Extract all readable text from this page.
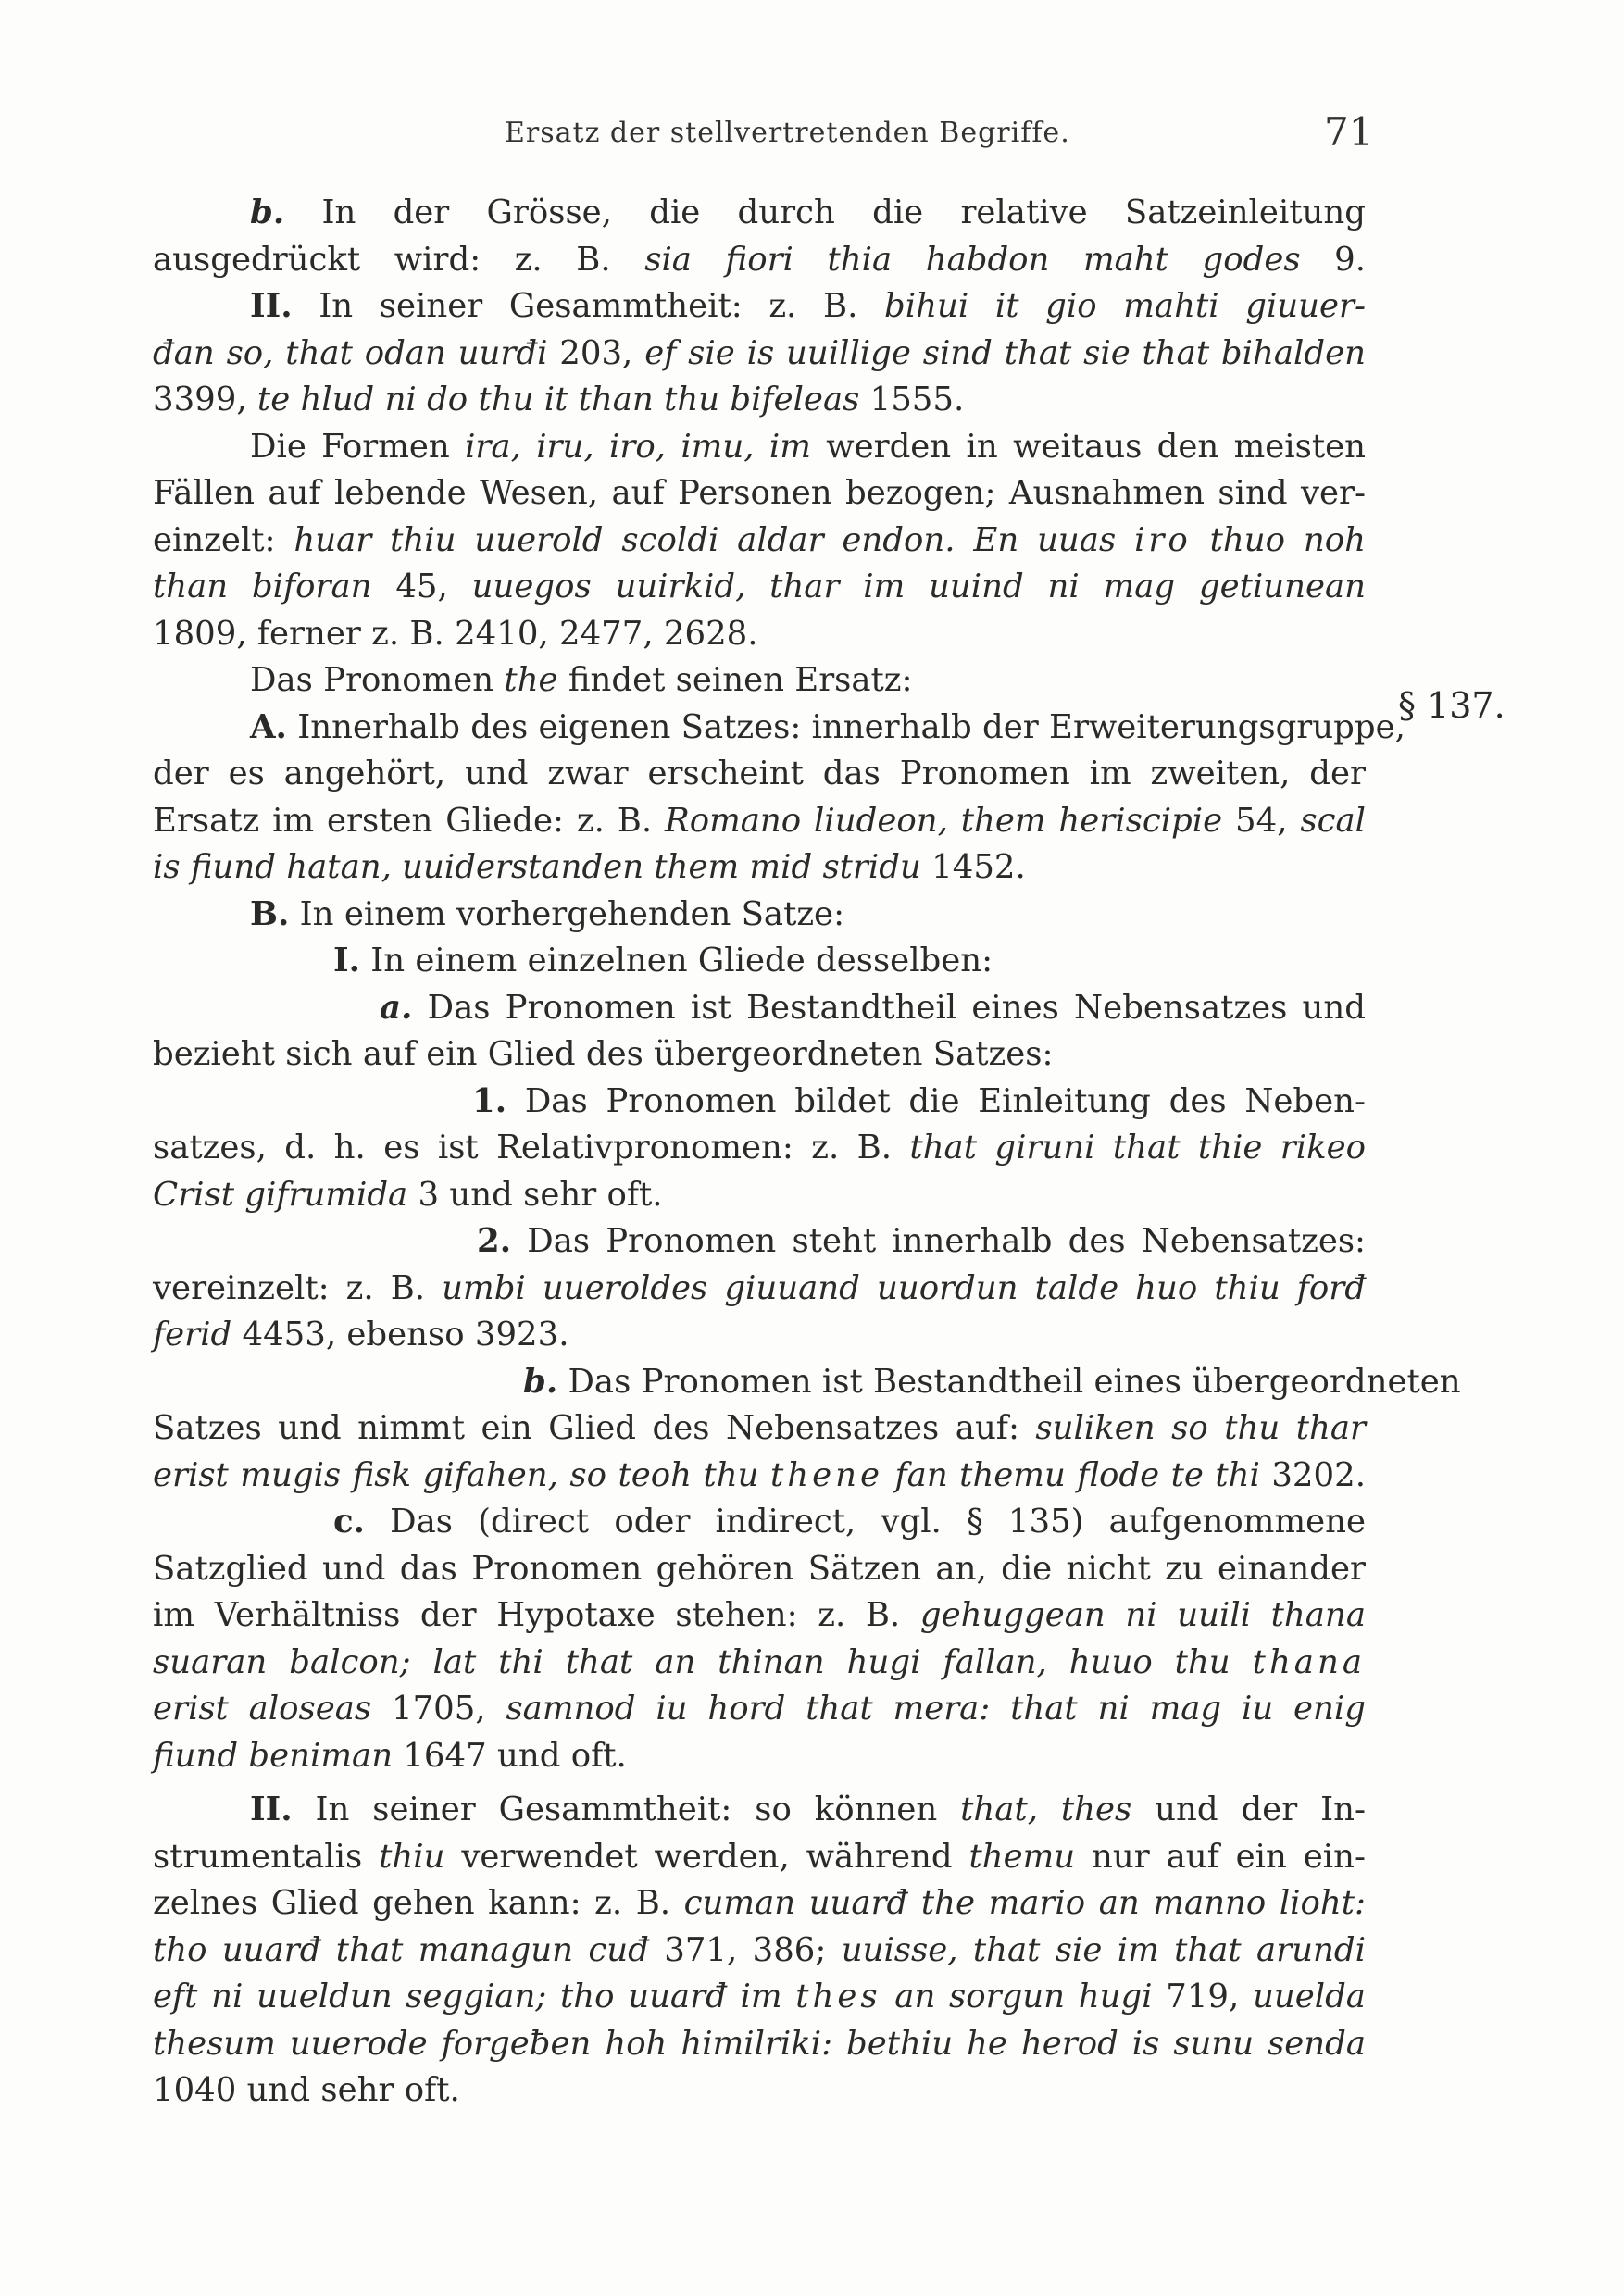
Ersatz der stellvertretenden Begriffe.	71
§ 137.
b. In der Grösse, die durch die relative Satzeinleitung
ausgedrückt wird: z. B. sia fiori thia habdon maht godes 9.
II. In seiner Gesammtheit: z. B. bihui it gio mahti giuuer-
đan so, that odan uurđi 203, ef sie is uuillige sind that sie that bihalden
3399, te hlud ni do thu it than thu bifeleas 1555.
Die Formen ira, iru, iro, imu, im werden in weitaus den meisten
Fällen auf lebende Wesen, auf Personen bezogen; Ausnahmen sind ver-
einzelt: huar thiu uuerold scoldi aldar endon. En uuas iro thuo noh
than biforan 45, uuegos uuirkid, thar im uuind ni mag getiunean
1809, ferner z. B. 2410, 2477, 2628.
Das Pronomen the findet seinen Ersatz:
A. Innerhalb des eigenen Satzes: innerhalb der Erweiterungsgruppe,
der es angehört, und zwar erscheint das Pronomen im zweiten, der
Ersatz im ersten Gliede: z. B. Romano liudeon, them heriscipie 54, scal
is fiund hatan, uuiderstanden them mid stridu 1452.
B. In einem vorhergehenden Satze:
I. In einem einzelnen Gliede desselben:
a. Das Pronomen ist Bestandtheil eines Nebensatzes und
bezieht sich auf ein Glied des übergeordneten Satzes:
1. Das Pronomen bildet die Einleitung des Neben-
satzes, d. h. es ist Relativpronomen: z. B. that giruni that thie rikeo
Crist gifrumida 3 und sehr oft.
2. Das Pronomen steht innerhalb des Nebensatzes:
vereinzelt: z. B. umbi uueroldes giuuand uuordun talde huo thiu forđ
ferid 4453, ebenso 3923.
b. Das Pronomen ist Bestandtheil eines übergeordneten
Satzes und nimmt ein Glied des Nebensatzes auf: suliken so thu thar
erist mugis fisk gifahen, so teoh thu thene fan themu flode te thi 3202.
c. Das (direct oder indirect, vgl. § 135) aufgenommene
Satzglied und das Pronomen gehören Sätzen an, die nicht zu einander
im Verhältniss der Hypotaxe stehen: z. B. gehuggean ni uuili thana
suaran balcon; lat thi that an thinan hugi fallan, huuo thu thana
erist aloseas 1705, samnod iu hord that mera: that ni mag iu enig
fiund beniman 1647 und oft.
II. In seiner Gesammtheit: so können that, thes und der In-
strumentalis thiu verwendet werden, während themu nur auf ein ein-
zelnes Glied gehen kann: z. B. cuman uuarđ the mario an manno lioht:
tho uuarđ that managun cuđ 371, 386; uuisse, that sie im that arundi
eft ni uueldun seggian; tho uuarđ im thes an sorgun hugi 719, uuelda
thesum uuerode forgeƀen hoh himilriki: bethiu he herod is sunu senda
1040 und sehr oft.
